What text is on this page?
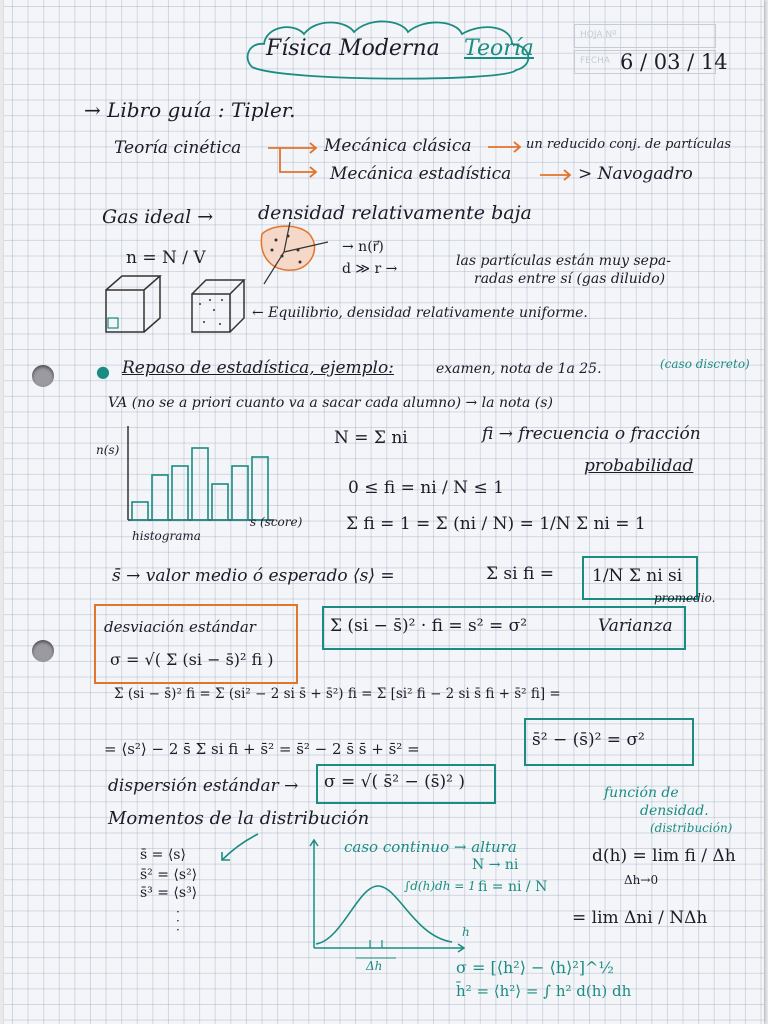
HOJA Nº
FECHA
Física Moderna Teoría
6 / 03 / 14
→ Libro guía : Tipler.
Teoría cinética	Mecánica clásica	un reducido conj. de partículas
Mecánica estadística	> Navogadro
Gas ideal → densidad relativamente baja
n = N / V
→ n(r⃗)
d ≫ r →	las partículas están muy sepa-
radas entre sí (gas diluido)
← Equilibrio, densidad relativamente uniforme.
● Repaso de estadística, ejemplo:	examen, nota de 1a 25.	(caso discreto)
VA (no se a priori cuanto va a sacar cada alumno) → la nota (s)
n(s)
s (score)
histograma
N = Σ ni	fi → frecuencia o fracción
probabilidad
0 ≤ fi = ni / N ≤ 1
Σ fi = 1 = Σ (ni / N) = 1/N Σ ni = 1
s̄ → valor medio ó esperado ⟨s⟩ =	Σ si fi = 1/N Σ ni si
promedio.
desviación estándar
σ = √( Σ (si − s̄)² fi )
Σ (si − s̄)² · fi = s² = σ²	Varianza
Σ (si − s̄)² fi = Σ (si² − 2 si s̄ + s̄²) fi = Σ [si² fi − 2 si s̄ fi + s̄² fi] =
= ⟨s²⟩ − 2 s̄ Σ si fi + s̄² = s̄² − 2 s̄ s̄ + s̄² =	s̄² − (s̄)² = σ²
dispersión estándar → σ = √( s̄² − (s̄)² )
Momentos de la distribución
s̄ = ⟨s⟩
s̄² = ⟨s²⟩
s̄³ = ⟨s³⟩
·
·
·	h
Δh
caso continuo → altura
N → ni
fi = ni / N
∫d(h)dh = 1
función de
densidad.
(distribución)
d(h) = lim fi / Δh
Δh→0
= lim Δni / NΔh
σ = [⟨h²⟩ − ⟨h⟩²]^½
h̄² = ⟨h²⟩ = ∫ h² d(h) dh
